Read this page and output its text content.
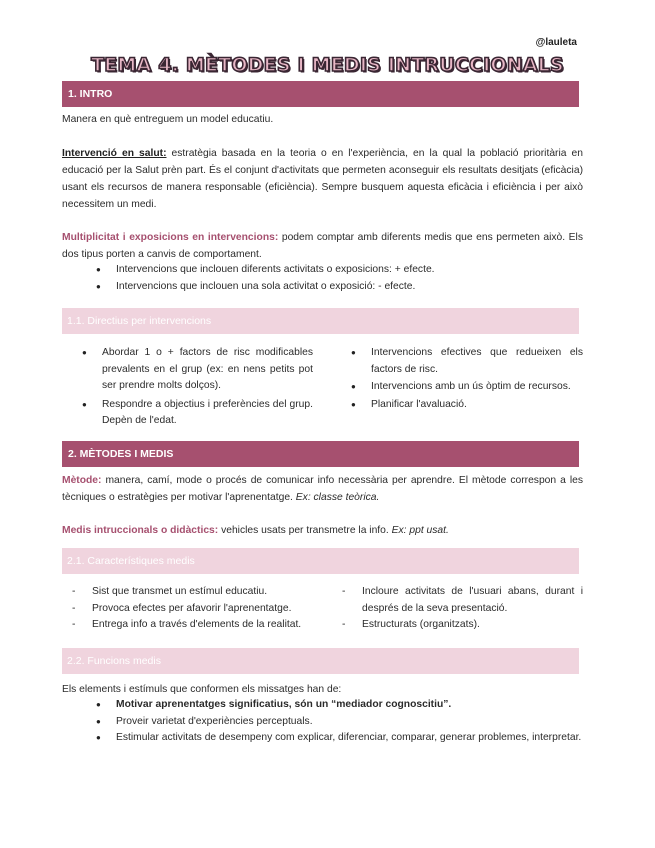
@lauleta
TEMA 4. MÈTODES I MEDIS INTRUCCIONALS
1. INTRO
Manera en què entreguem un model educatiu.
Intervenció en salut: estratègia basada en la teoria o en l'experiència, en la qual la població prioritària en educació per la Salut prèn part. És el conjunt d'activitats que permeten aconseguir els resultats desitjats (eficàcia) usant els recursos de manera responsable (eficiència). Sempre busquem aquesta eficàcia i eficiència i per això necessitem un medi.
Multiplicitat i exposicions en intervencions: podem comptar amb diferents medis que ens permeten això. Els dos tipus porten a canvis de comportament.
● Intervencions que inclouen diferents activitats o exposicions: + efecte.
● Intervencions que inclouen una sola activitat o exposició: - efecte.
1.1. Directius per intervencions
● Abordar 1 o + factors de risc modificables prevalents en el grup (ex: en nens petits pot ser prendre molts dolços).
● Respondre a objectius i preferències del grup. Depèn de l'edat.
● Intervencions efectives que redueixen els factors de risc.
● Intervencions amb un ús òptim de recursos.
● Planificar l'avaluació.
2. MÈTODES I MEDIS
Mètode: manera, camí, mode o procés de comunicar info necessària per aprendre. El mètode correspon a les tècniques o estratègies per motivar l'aprenentatge. Ex: classe teòrica.
Medis intruccionals o didàctics: vehicles usats per transmetre la info. Ex: ppt usat.
2.1. Característiques medis
- Sist que transmet un estímul educatiu.
- Provoca efectes per afavorir l'aprenentatge.
- Entrega info a través d'elements de la realitat.
- Incloure activitats de l'usuari abans, durant i després de la seva presentació.
- Estructurats (organitzats).
2.2. Funcions medis
Els elements i estímuls que conformen els missatges han de:
● Motivar aprenentatges significatius, són un “mediador cognoscitiu”.
● Proveir varietat d'experiències perceptuals.
● Estimular activitats de desempeny com explicar, diferenciar, comparar, generar problemes, interpretar.
